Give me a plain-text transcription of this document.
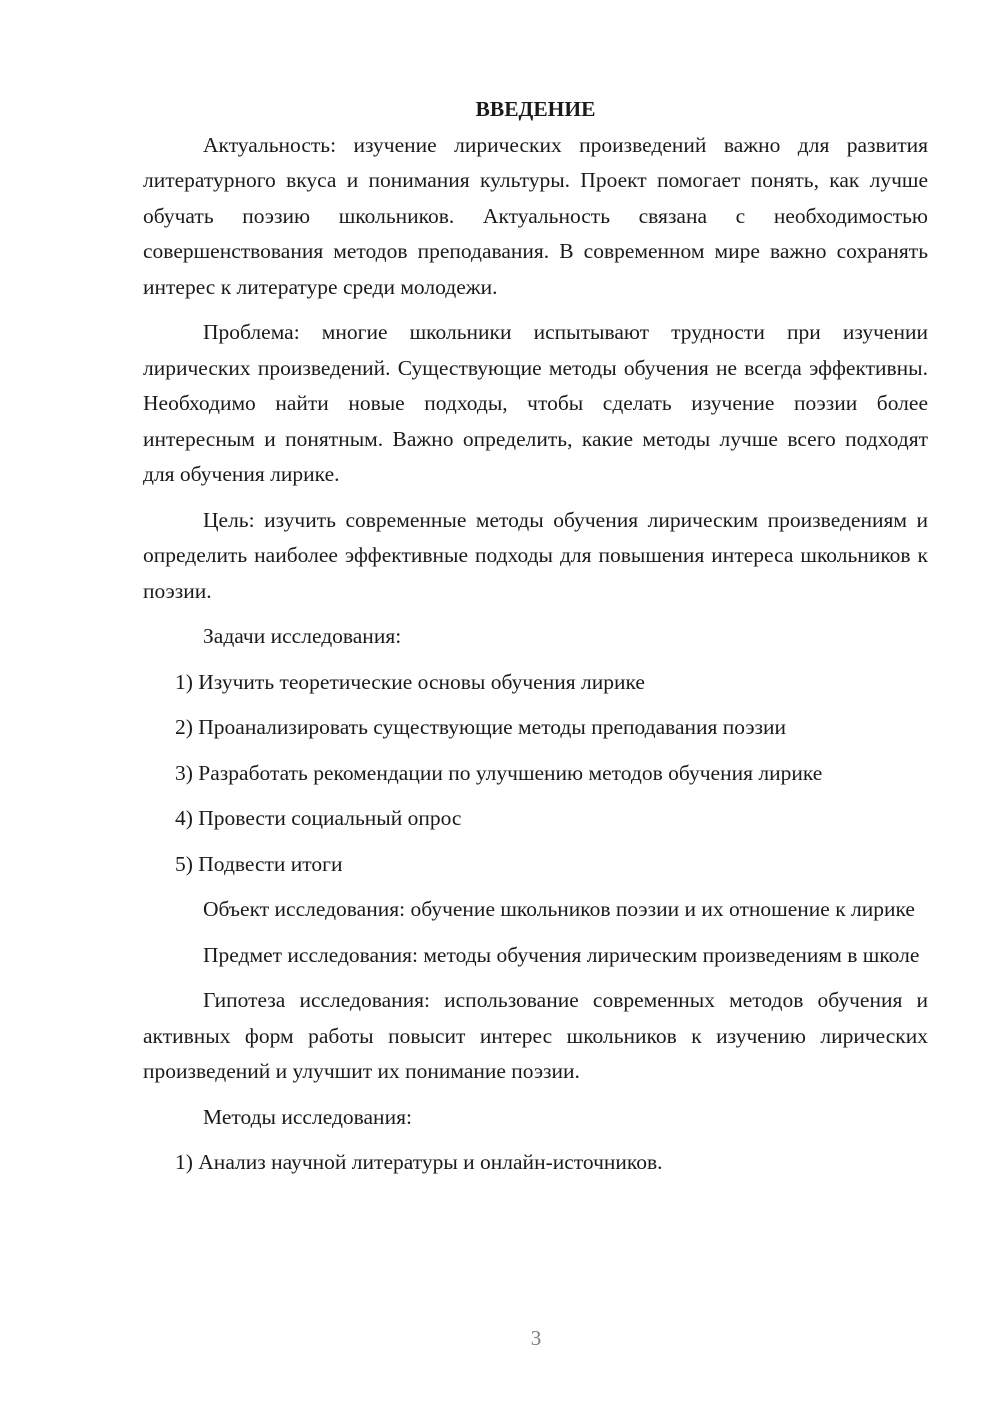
ВВЕДЕНИЕ

Актуальность: изучение лирических произведений важно для развития литературного вкуса и понимания культуры. Проект помогает понять, как лучше обучать поэзию школьников. Актуальность связана с необходимостью совершенствования методов преподавания. В современном мире важно сохранять интерес к литературе среди молодежи.

Проблема: многие школьники испытывают трудности при изучении лирических произведений. Существующие методы обучения не всегда эффективны. Необходимо найти новые подходы, чтобы сделать изучение поэзии более интересным и понятным. Важно определить, какие методы лучше всего подходят для обучения лирике.

Цель: изучить современные методы обучения лирическим произведениям и определить наиболее эффективные подходы для повышения интереса школьников к поэзии.

Задачи исследования:

1) Изучить теоретические основы обучения лирике
2) Проанализировать существующие методы преподавания поэзии
3) Разработать рекомендации по улучшению методов обучения лирике
4) Провести социальный опрос
5) Подвести итоги

Объект исследования: обучение школьников поэзии и их отношение к лирике

Предмет исследования: методы обучения лирическим произведениям в школе

Гипотеза исследования: использование современных методов обучения и активных форм работы повысит интерес школьников к изучению лирических произведений и улучшит их понимание поэзии.

Методы исследования:

1) Анализ научной литературы и онлайн-источников.
3
